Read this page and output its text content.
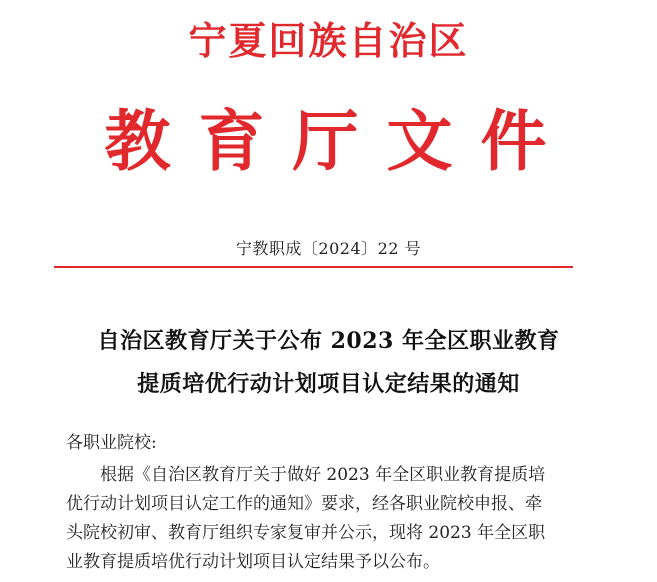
宁夏回族自治区
教育厅文件
宁教职成〔2024〕22 号
自治区教育厅关于公布 2023 年全区职业教育
提质培优行动计划项目认定结果的通知
各职业院校:
根据《自治区教育厅关于做好 2023 年全区职业教育提质培
优行动计划项目认定工作的通知》要求，经各职业院校申报、牵
头院校初审、教育厅组织专家复审并公示，现将 2023 年全区职
业教育提质培优行动计划项目认定结果予以公布。
